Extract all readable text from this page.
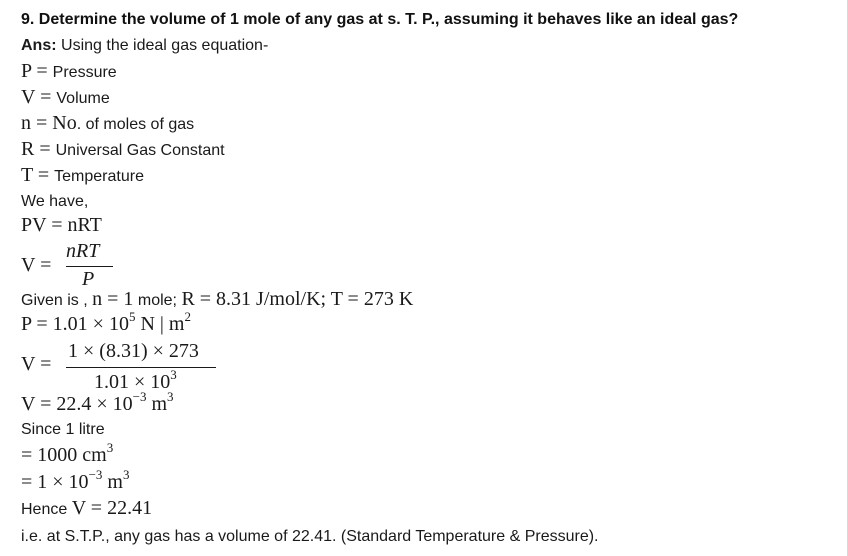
9. Determine the volume of 1 mole of any gas at s. T. P., assuming it behaves like an ideal gas?
Ans: Using the ideal gas equation-
P = Pressure
V = Volume
n = No. of moles of gas
R = Universal Gas Constant
T = Temperature
We have,
PV = nRT
V =
nRT
P
Given is , n = 1 mole; R = 8.31 J/mol/K; T = 273 K
$P = 1.01 \times 10^5$ N | $m^2$
V =
1 × (8.31) × 273
$1.01 \times 10^3$
$V = 22.4 \times 10^{-3}$ $m^3$
Since 1 litre
= 1000 $cm^3$
= $1 \times 10^{-3}$ $m^3$
Hence V = 22.41
i.e. at S.T.P., any gas has a volume of 22.41. (Standard Temperature & Pressure).
